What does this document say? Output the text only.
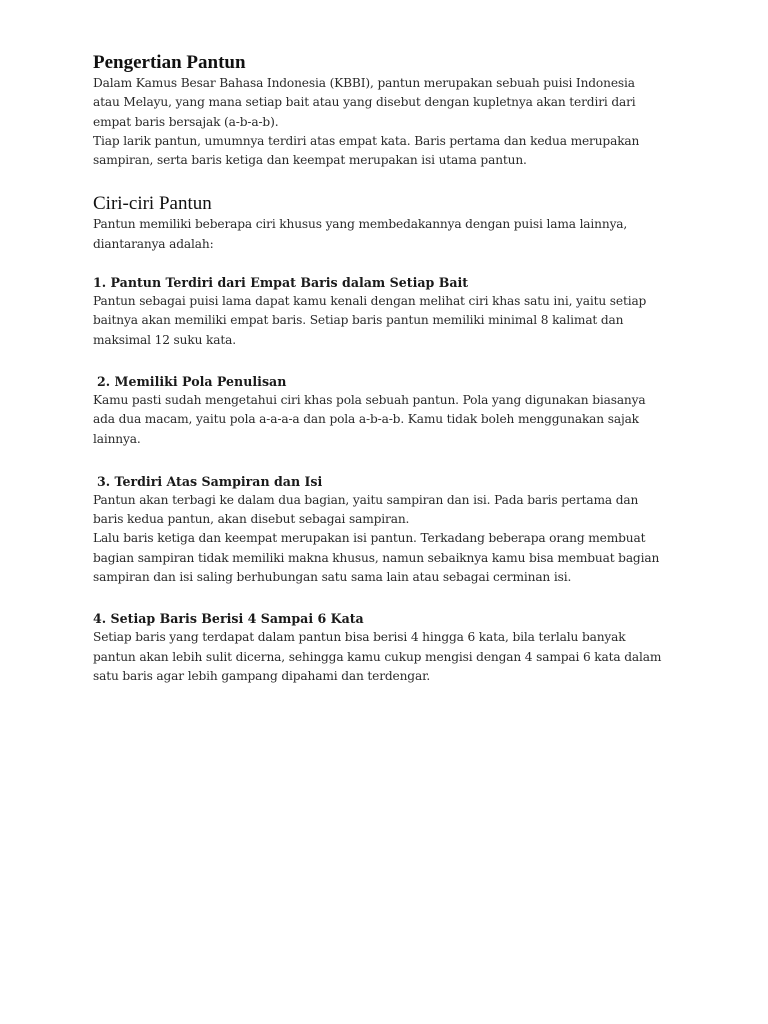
Pengertian Pantun

Dalam Kamus Besar Bahasa Indonesia (KBBI), pantun merupakan sebuah puisi Indonesia
atau Melayu, yang mana setiap bait atau yang disebut dengan kupletnya akan terdiri dari
empat baris bersajak (a-b-a-b).
Tiap larik pantun, umumnya terdiri atas empat kata. Baris pertama dan kedua merupakan
sampiran, serta baris ketiga dan keempat merupakan isi utama pantun.

Ciri-ciri Pantun

Pantun memiliki beberapa ciri khusus yang membedakannya dengan puisi lama lainnya,
diantaranya adalah:

1. Pantun Terdiri dari Empat Baris dalam Setiap Bait

Pantun sebagai puisi lama dapat kamu kenali dengan melihat ciri khas satu ini, yaitu setiap
baitnya akan memiliki empat baris. Setiap baris pantun memiliki minimal 8 kalimat dan
maksimal 12 suku kata.

2. Memiliki Pola Penulisan

Kamu pasti sudah mengetahui ciri khas pola sebuah pantun. Pola yang digunakan biasanya
ada dua macam, yaitu pola a-a-a-a dan pola a-b-a-b. Kamu tidak boleh menggunakan sajak
lainnya.

3. Terdiri Atas Sampiran dan Isi

Pantun akan terbagi ke dalam dua bagian, yaitu sampiran dan isi. Pada baris pertama dan
baris kedua pantun, akan disebut sebagai sampiran.
Lalu baris ketiga dan keempat merupakan isi pantun. Terkadang beberapa orang membuat
bagian sampiran tidak memiliki makna khusus, namun sebaiknya kamu bisa membuat bagian
sampiran dan isi saling berhubungan satu sama lain atau sebagai cerminan isi.

4. Setiap Baris Berisi 4 Sampai 6 Kata

Setiap baris yang terdapat dalam pantun bisa berisi 4 hingga 6 kata, bila terlalu banyak
pantun akan lebih sulit dicerna, sehingga kamu cukup mengisi dengan 4 sampai 6 kata dalam
satu baris agar lebih gampang dipahami dan terdengar.
